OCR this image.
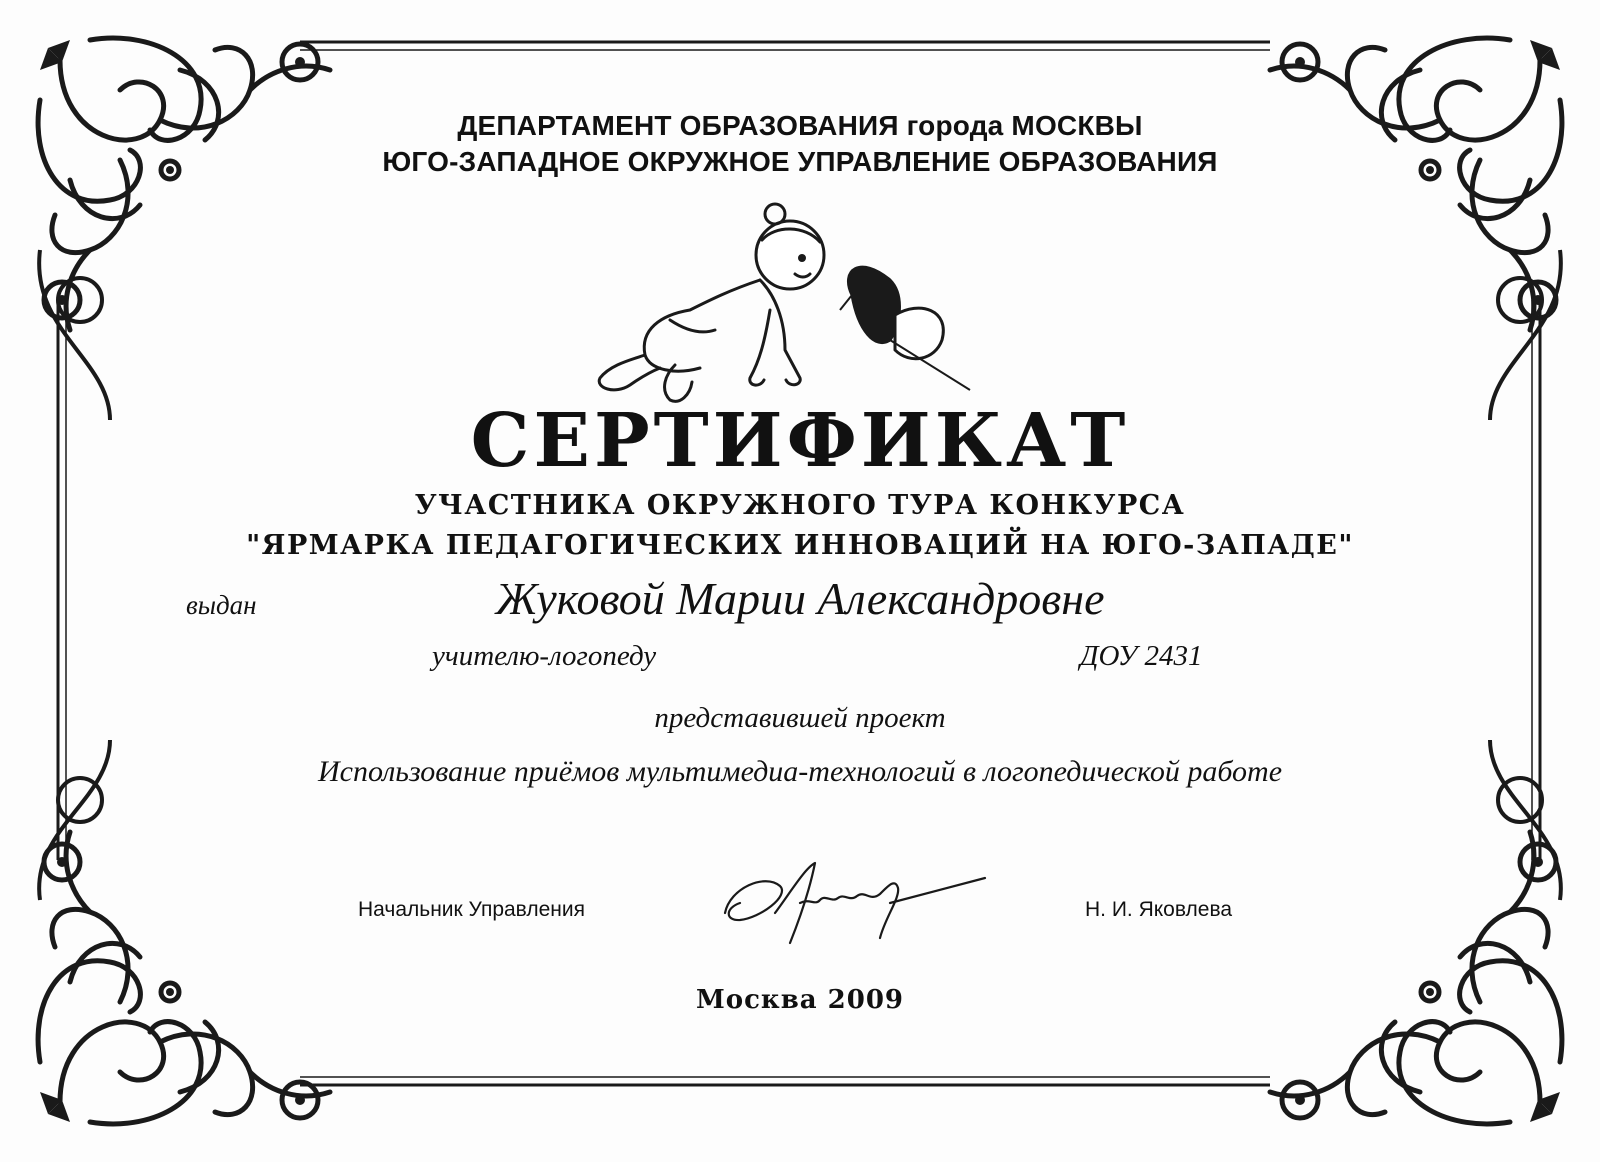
ДЕПАРТАМЕНТ ОБРАЗОВАНИЯ города МОСКВЫ
ЮГО-ЗАПАДНОЕ ОКРУЖНОЕ УПРАВЛЕНИЕ ОБРАЗОВАНИЯ
СЕРТИФИКАТ
УЧАСТНИКА ОКРУЖНОГО ТУРА КОНКУРСА
"ЯРМАРКА ПЕДАГОГИЧЕСКИХ ИННОВАЦИЙ НА ЮГО-ЗАПАДЕ"
выдан	Жуковой Марии Александровне
учителю-логопеду	ДОУ 2431
представившей проект
Использование приёмов мультимедиа-технологий в логопедической работе
Начальник Управления	Н. И. Яковлева
Москва 2009
